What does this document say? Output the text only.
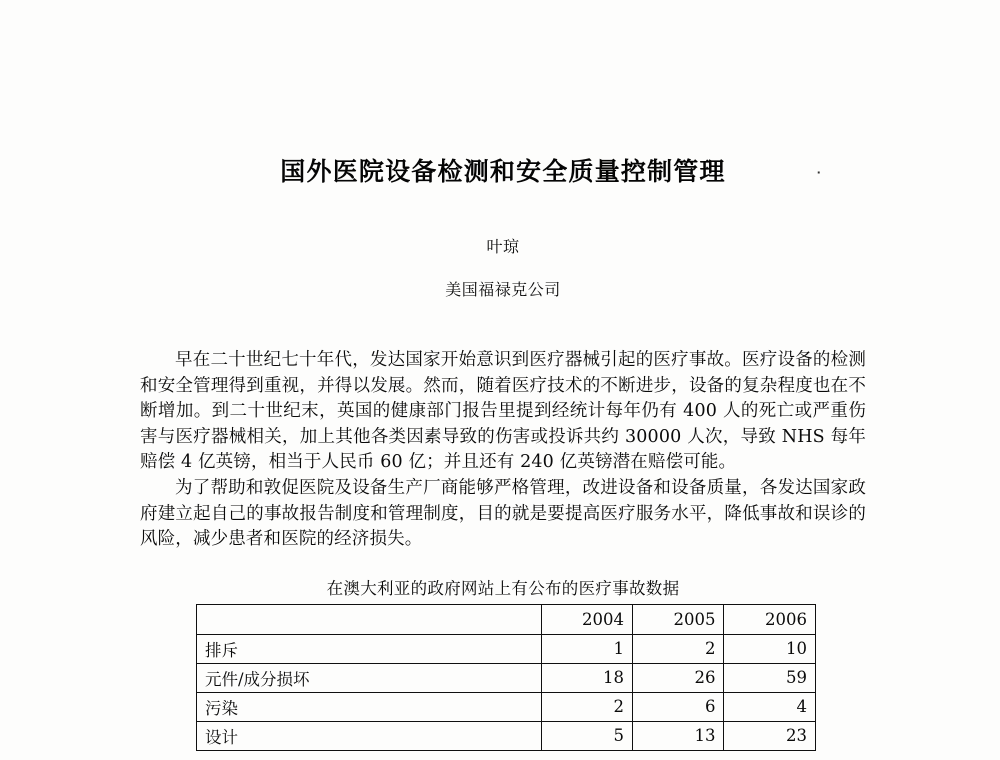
国外医院设备检测和安全质量控制管理	·
叶琼
美国福禄克公司

早在二十世纪七十年代，发达国家开始意识到医疗器械引起的医疗事故。医疗设备的检测和安全管理得到重视，并得以发展。然而，随着医疗技术的不断进步，设备的复杂程度也在不断增加。到二十世纪末，英国的健康部门报告里提到经统计每年仍有 400 人的死亡或严重伤害与医疗器械相关，加上其他各类因素导致的伤害或投诉共约 30000 人次，导致 NHS 每年赔偿 4 亿英镑，相当于人民币 60 亿；并且还有 240 亿英镑潜在赔偿可能。

为了帮助和敦促医院及设备生产厂商能够严格管理，改进设备和设备质量，各发达国家政府建立起自己的事故报告制度和管理制度，目的就是要提高医疗服务水平，降低事故和误诊的风险，减少患者和医院的经济损失。

在澳大利亚的政府网站上有公布的医疗事故数据
	2004	2005	2006
排斥	1	2	10
元件/成分损坏	18	26	59
污染	2	6	4
设计	5	13	23
